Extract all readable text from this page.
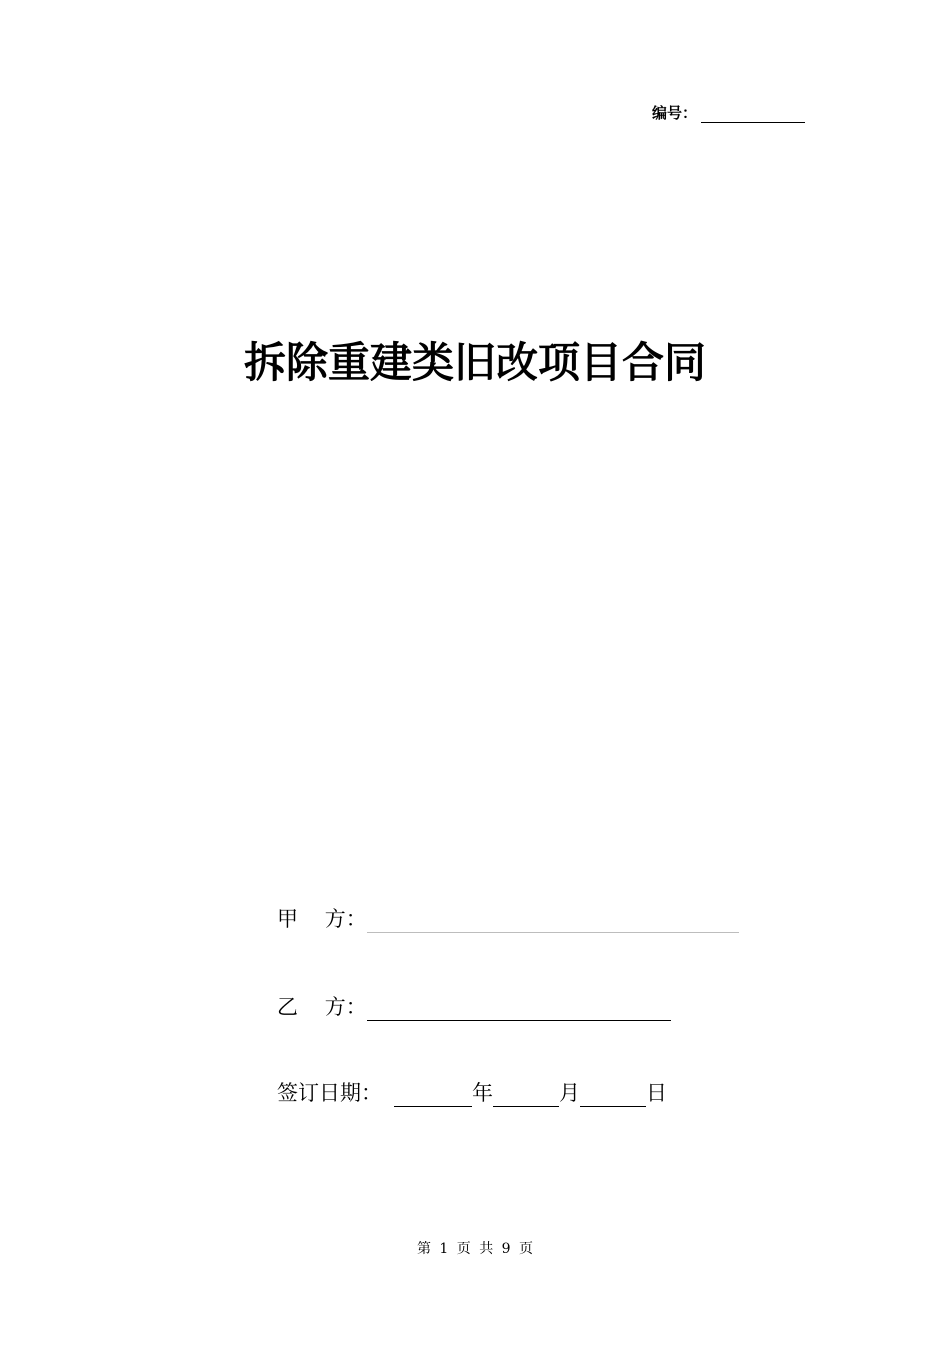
编号：
拆除重建类旧改项目合同
甲    方：
乙    方：
签订日期：	年	月	日
第 1 页 共 9 页
